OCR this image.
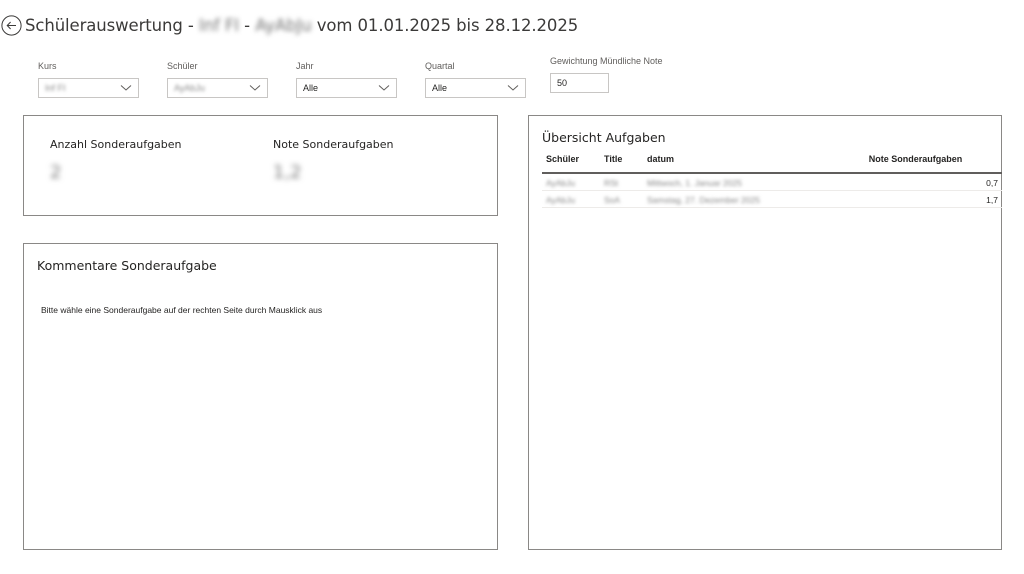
Schülerauswertung - Inf FI - AyAbJu vom 01.01.2025 bis 28.12.2025
Kurs
Inf FI
Schüler
AyAbJu
Jahr
Alle
Quartal
Alle
Gewichtung Mündliche Note
50
Anzahl Sonderaufgaben
2
Note Sonderaufgaben
1,2
Kommentare Sonderaufgabe
Bitte wähle eine Sonderaufgabe auf der rechten Seite durch Mausklick aus
Übersicht Aufgaben
Schüler	Title	datum	Note Sonderaufgaben
AyAbJu	RSt	Mittwoch, 1. Januar 2025	0,7
AyAbJu	SoA	Samstag, 27. Dezember 2025	1,7
